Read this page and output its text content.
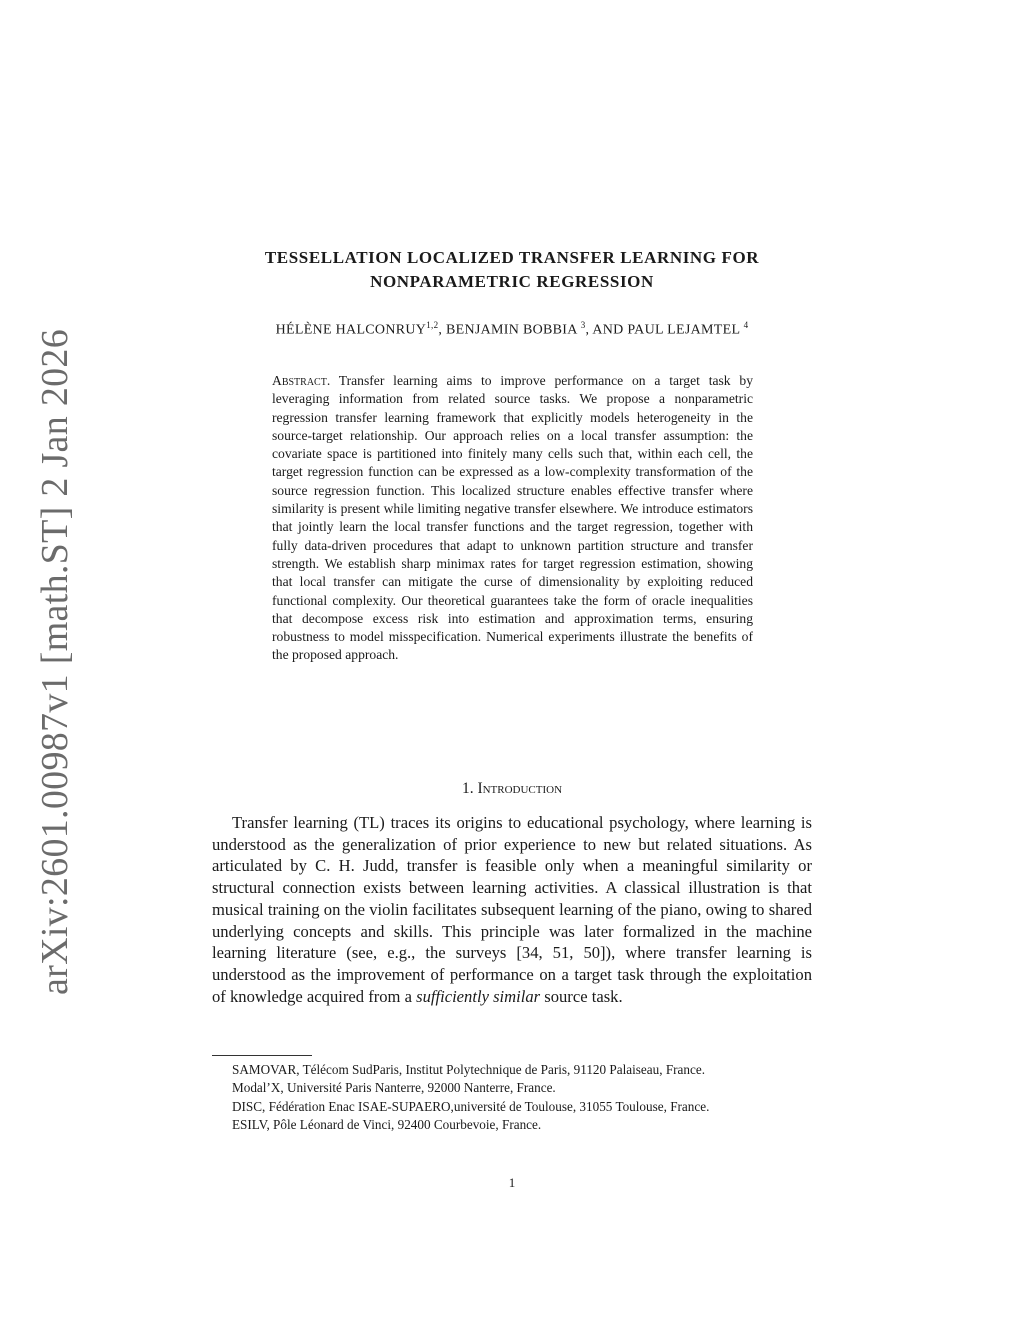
arXiv:2601.00987v1 [math.ST] 2 Jan 2026
TESSELLATION LOCALIZED TRANSFER LEARNING FOR
NONPARAMETRIC REGRESSION
HÉLÈNE HALCONRUY$^{1,2}$, BENJAMIN BOBBIA $^3$, AND PAUL LEJAMTEL $^4$
Abstract. Transfer learning aims to improve performance on a target task by leveraging information from related source tasks. We propose a nonparametric regression transfer learning framework that explicitly models heterogeneity in the source-target relationship. Our approach relies on a local transfer assumption: the covariate space is partitioned into finitely many cells such that, within each cell, the target regression function can be expressed as a low-complexity transformation of the source regression function. This localized structure enables effective transfer where similarity is present while limiting negative transfer elsewhere. We introduce estimators that jointly learn the local transfer functions and the target regression, together with fully data-driven procedures that adapt to unknown partition structure and transfer strength. We establish sharp minimax rates for target regression estimation, showing that local transfer can mitigate the curse of dimensionality by exploiting reduced functional complexity. Our theoretical guarantees take the form of oracle inequalities that decompose excess risk into estimation and approximation terms, ensuring robustness to model misspecification. Numerical experiments illustrate the benefits of the proposed approach.
1. Introduction

Transfer learning (TL) traces its origins to educational psychology, where learning is understood as the generalization of prior experience to new but related situations. As articulated by C. H. Judd, transfer is feasible only when a meaningful similarity or structural connection exists between learning activities. A classical illustration is that musical training on the violin facilitates subsequent learning of the piano, owing to shared underlying concepts and skills. This principle was later formalized in the machine learning literature (see, e.g., the surveys [34, 51, 50]), where transfer learning is understood as the improvement of performance on a target task through the exploitation of knowledge acquired from a sufficiently similar source task.

SAMOVAR, Télécom SudParis, Institut Polytechnique de Paris, 91120 Palaiseau, France.

Modal’X, Université Paris Nanterre, 92000 Nanterre, France.

DISC, Fédération Enac ISAE-SUPAERO,université de Toulouse, 31055 Toulouse, France.

ESILV, Pôle Léonard de Vinci, 92400 Courbevoie, France.

1
